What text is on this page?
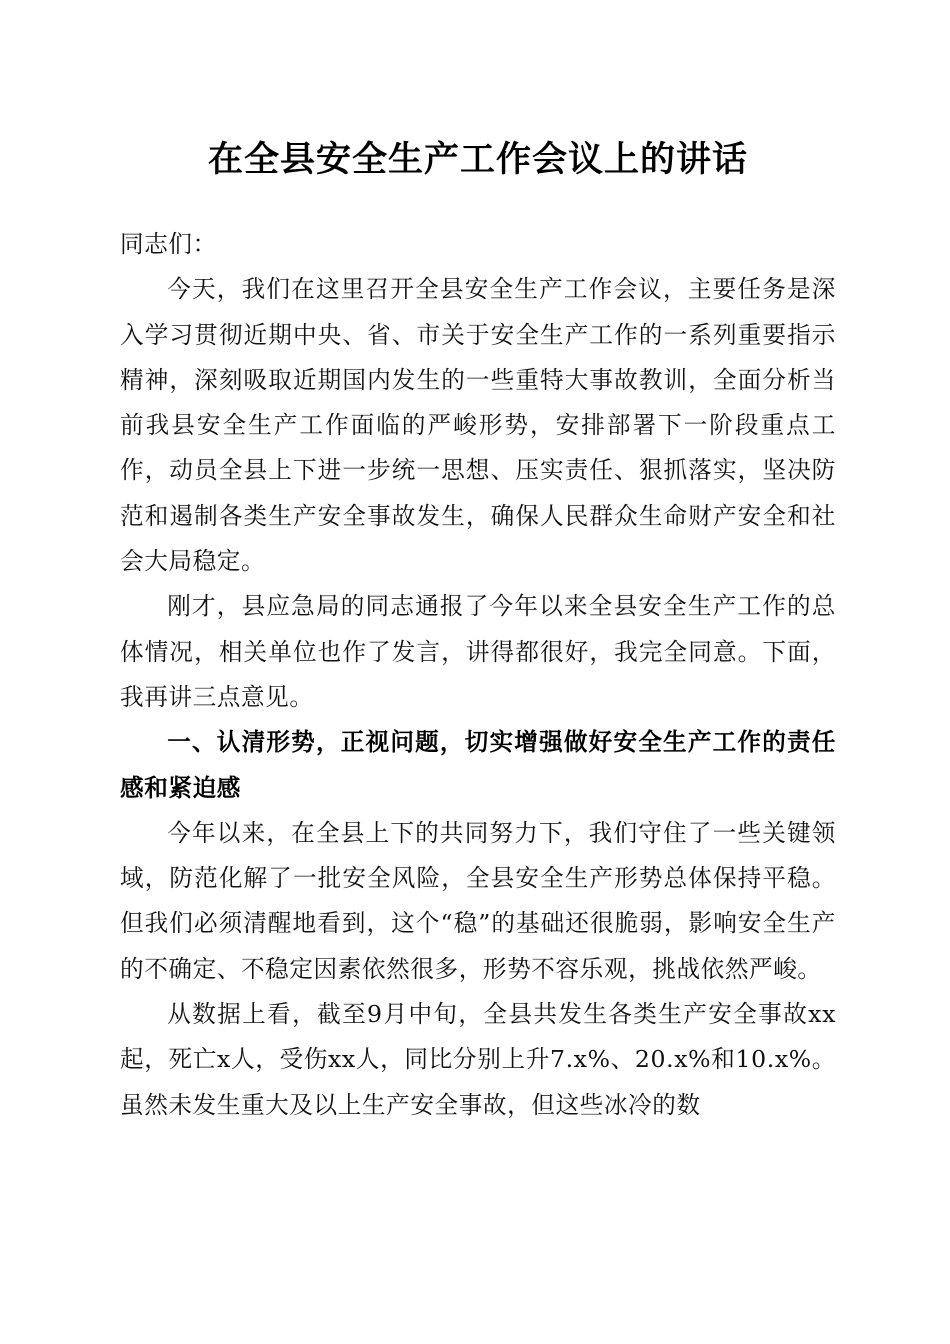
在全县安全生产工作会议上的讲话

同志们：

今天，我们在这里召开全县安全生产工作会议，主要任务是深入学习贯彻近期中央、省、市关于安全生产工作的一系列重要指示精神，深刻吸取近期国内发生的一些重特大事故教训，全面分析当前我县安全生产工作面临的严峻形势，安排部署下一阶段重点工作，动员全县上下进一步统一思想、压实责任、狠抓落实，坚决防范和遏制各类生产安全事故发生，确保人民群众生命财产安全和社会大局稳定。

刚才，县应急局的同志通报了今年以来全县安全生产工作的总体情况，相关单位也作了发言，讲得都很好，我完全同意。下面，我再讲三点意见。

一、认清形势，正视问题，切实增强做好安全生产工作的责任感和紧迫感

今年以来，在全县上下的共同努力下，我们守住了一些关键领域，防范化解了一批安全风险，全县安全生产形势总体保持平稳。但我们必须清醒地看到，这个“稳”的基础还很脆弱，影响安全生产的不确定、不稳定因素依然很多，形势不容乐观，挑战依然严峻。

从数据上看，截至9月中旬，全县共发生各类生产安全事故xx起，死亡x人，受伤xx人，同比分别上升7.x%、20.x%和10.x%。虽然未发生重大及以上生产安全事故，但这些冰冷的数
